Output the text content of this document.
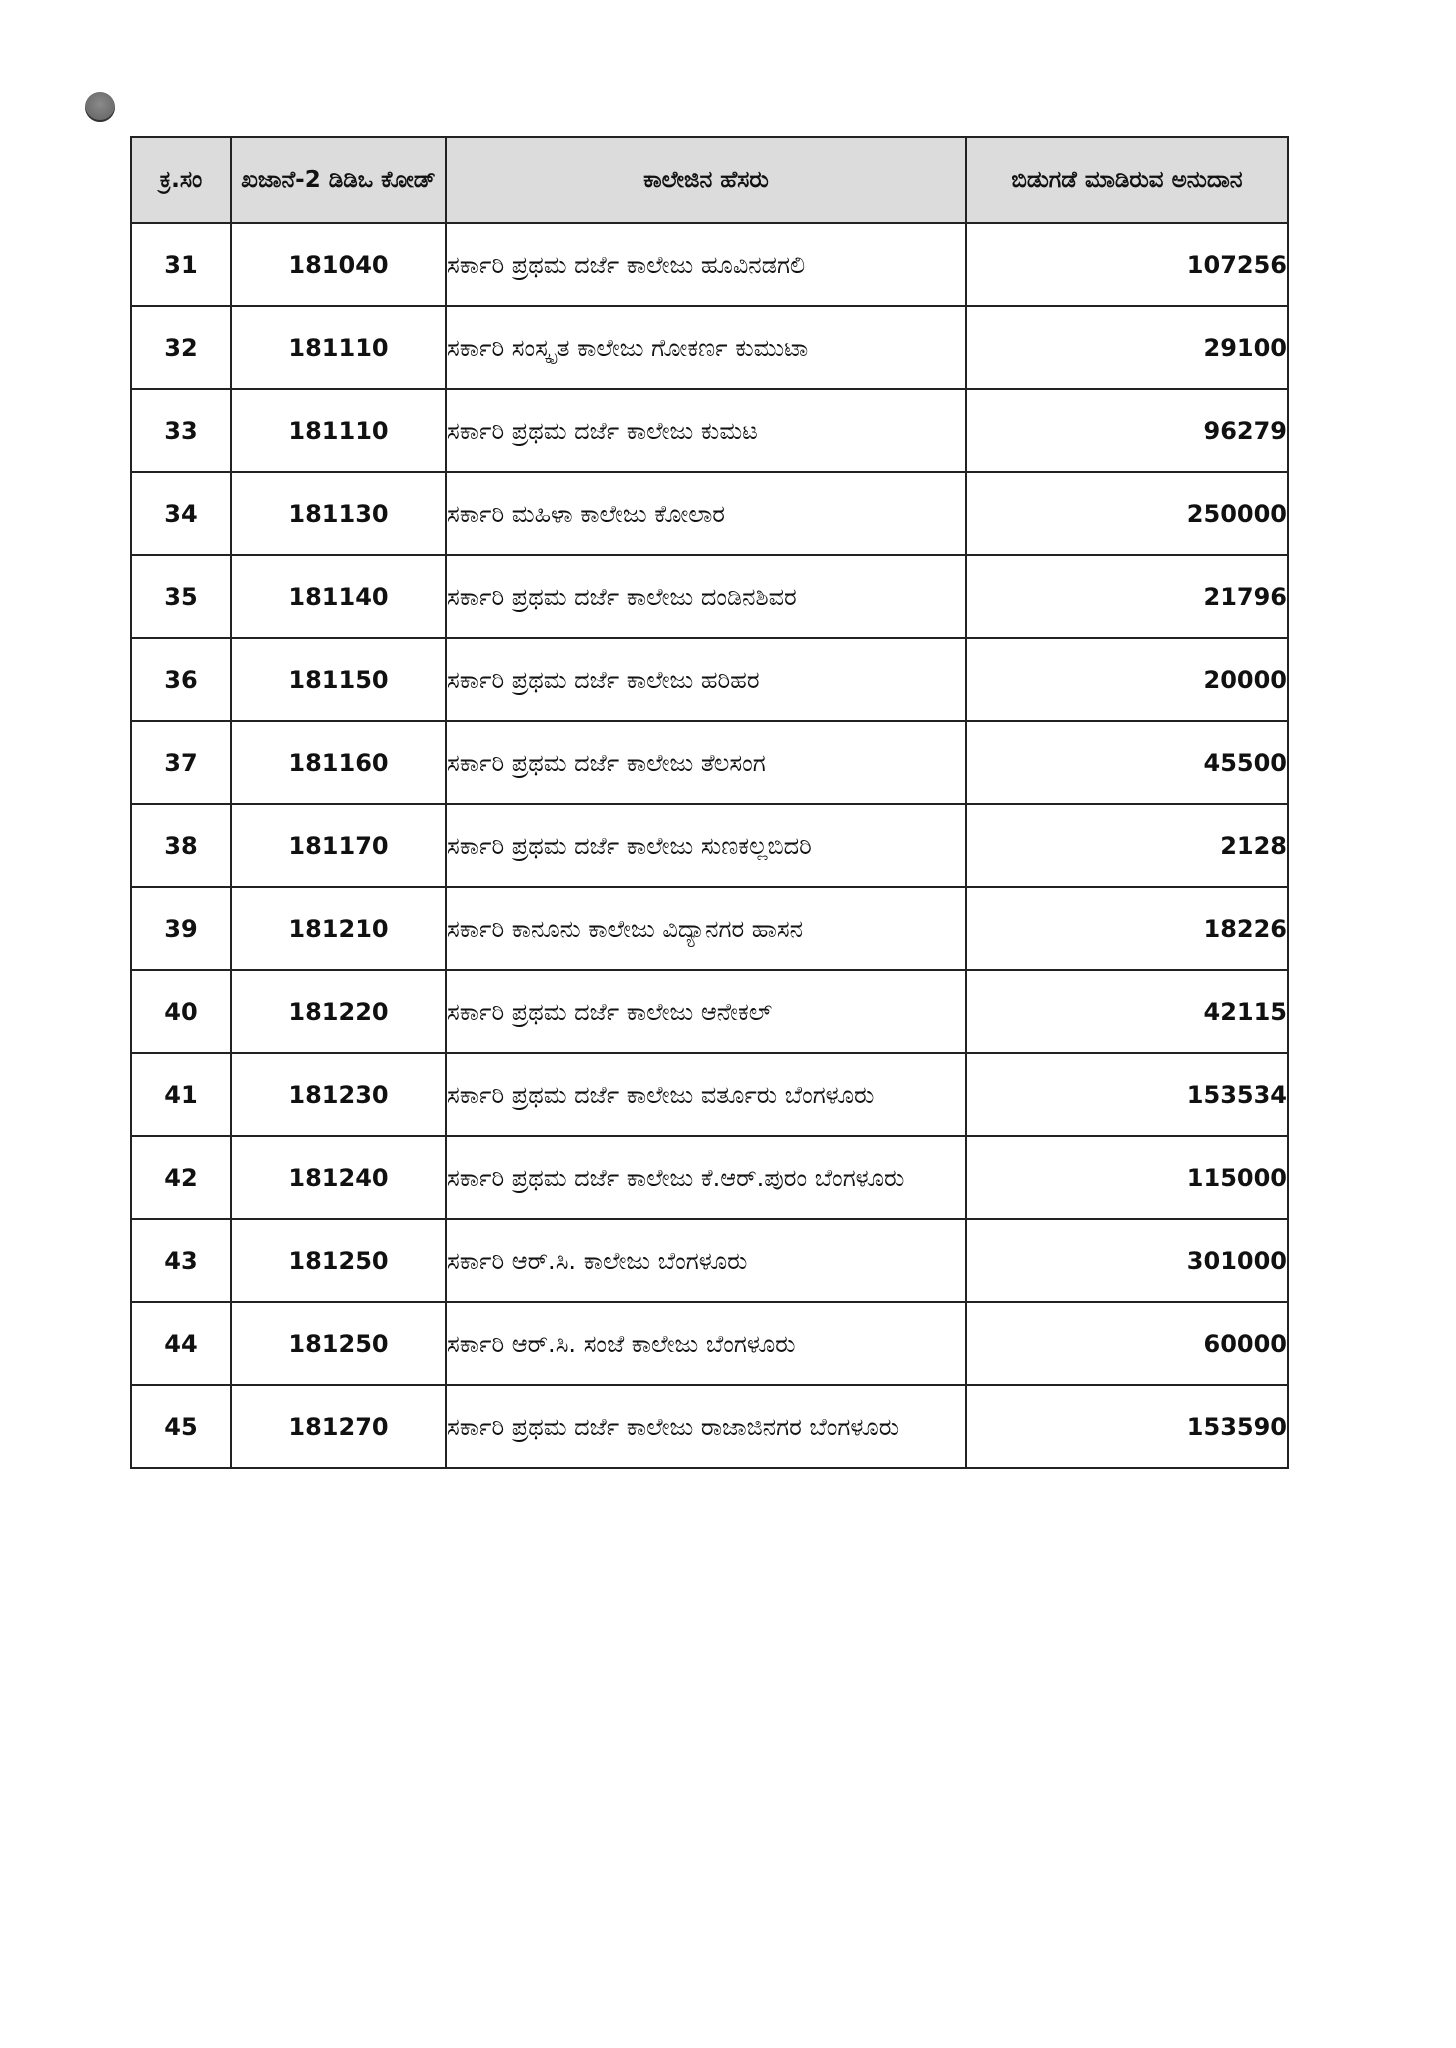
ಕ್ರ.ಸಂ	ಖಜಾನೆ-2 ಡಿಡಿಒ ಕೋಡ್	ಕಾಲೇಜಿನ ಹೆಸರು	ಬಿಡುಗಡೆ ಮಾಡಿರುವ ಅನುದಾನ
31	181040	ಸರ್ಕಾರಿ ಪ್ರಥಮ ದರ್ಜೆ ಕಾಲೇಜು ಹೂವಿನಡಗಲಿ	107256
32	181110	ಸರ್ಕಾರಿ ಸಂಸ್ಕೃತ ಕಾಲೇಜು ಗೋಕರ್ಣ ಕುಮುಟಾ	29100
33	181110	ಸರ್ಕಾರಿ ಪ್ರಥಮ ದರ್ಜೆ ಕಾಲೇಜು ಕುಮಟ	96279
34	181130	ಸರ್ಕಾರಿ ಮಹಿಳಾ ಕಾಲೇಜು ಕೋಲಾರ	250000
35	181140	ಸರ್ಕಾರಿ ಪ್ರಥಮ ದರ್ಜೆ ಕಾಲೇಜು ದಂಡಿನಶಿವರ	21796
36	181150	ಸರ್ಕಾರಿ ಪ್ರಥಮ ದರ್ಜೆ ಕಾಲೇಜು ಹರಿಹರ	20000
37	181160	ಸರ್ಕಾರಿ ಪ್ರಥಮ ದರ್ಜೆ ಕಾಲೇಜು ತೆಲಸಂಗ	45500
38	181170	ಸರ್ಕಾರಿ ಪ್ರಥಮ ದರ್ಜೆ ಕಾಲೇಜು ಸುಣಕಲ್ಲಬಿದರಿ	2128
39	181210	ಸರ್ಕಾರಿ ಕಾನೂನು ಕಾಲೇಜು ವಿದ್ಯಾನಗರ ಹಾಸನ	18226
40	181220	ಸರ್ಕಾರಿ ಪ್ರಥಮ ದರ್ಜೆ ಕಾಲೇಜು ಆನೇಕಲ್	42115
41	181230	ಸರ್ಕಾರಿ ಪ್ರಥಮ ದರ್ಜೆ ಕಾಲೇಜು ವರ್ತೂರು ಬೆಂಗಳೂರು	153534
42	181240	ಸರ್ಕಾರಿ ಪ್ರಥಮ ದರ್ಜೆ ಕಾಲೇಜು ಕೆ.ಆರ್.ಪುರಂ ಬೆಂಗಳೂರು	115000
43	181250	ಸರ್ಕಾರಿ ಆರ್.ಸಿ. ಕಾಲೇಜು ಬೆಂಗಳೂರು	301000
44	181250	ಸರ್ಕಾರಿ ಆರ್.ಸಿ. ಸಂಜೆ ಕಾಲೇಜು ಬೆಂಗಳೂರು	60000
45	181270	ಸರ್ಕಾರಿ ಪ್ರಥಮ ದರ್ಜೆ ಕಾಲೇಜು ರಾಜಾಜಿನಗರ ಬೆಂಗಳೂರು	153590
